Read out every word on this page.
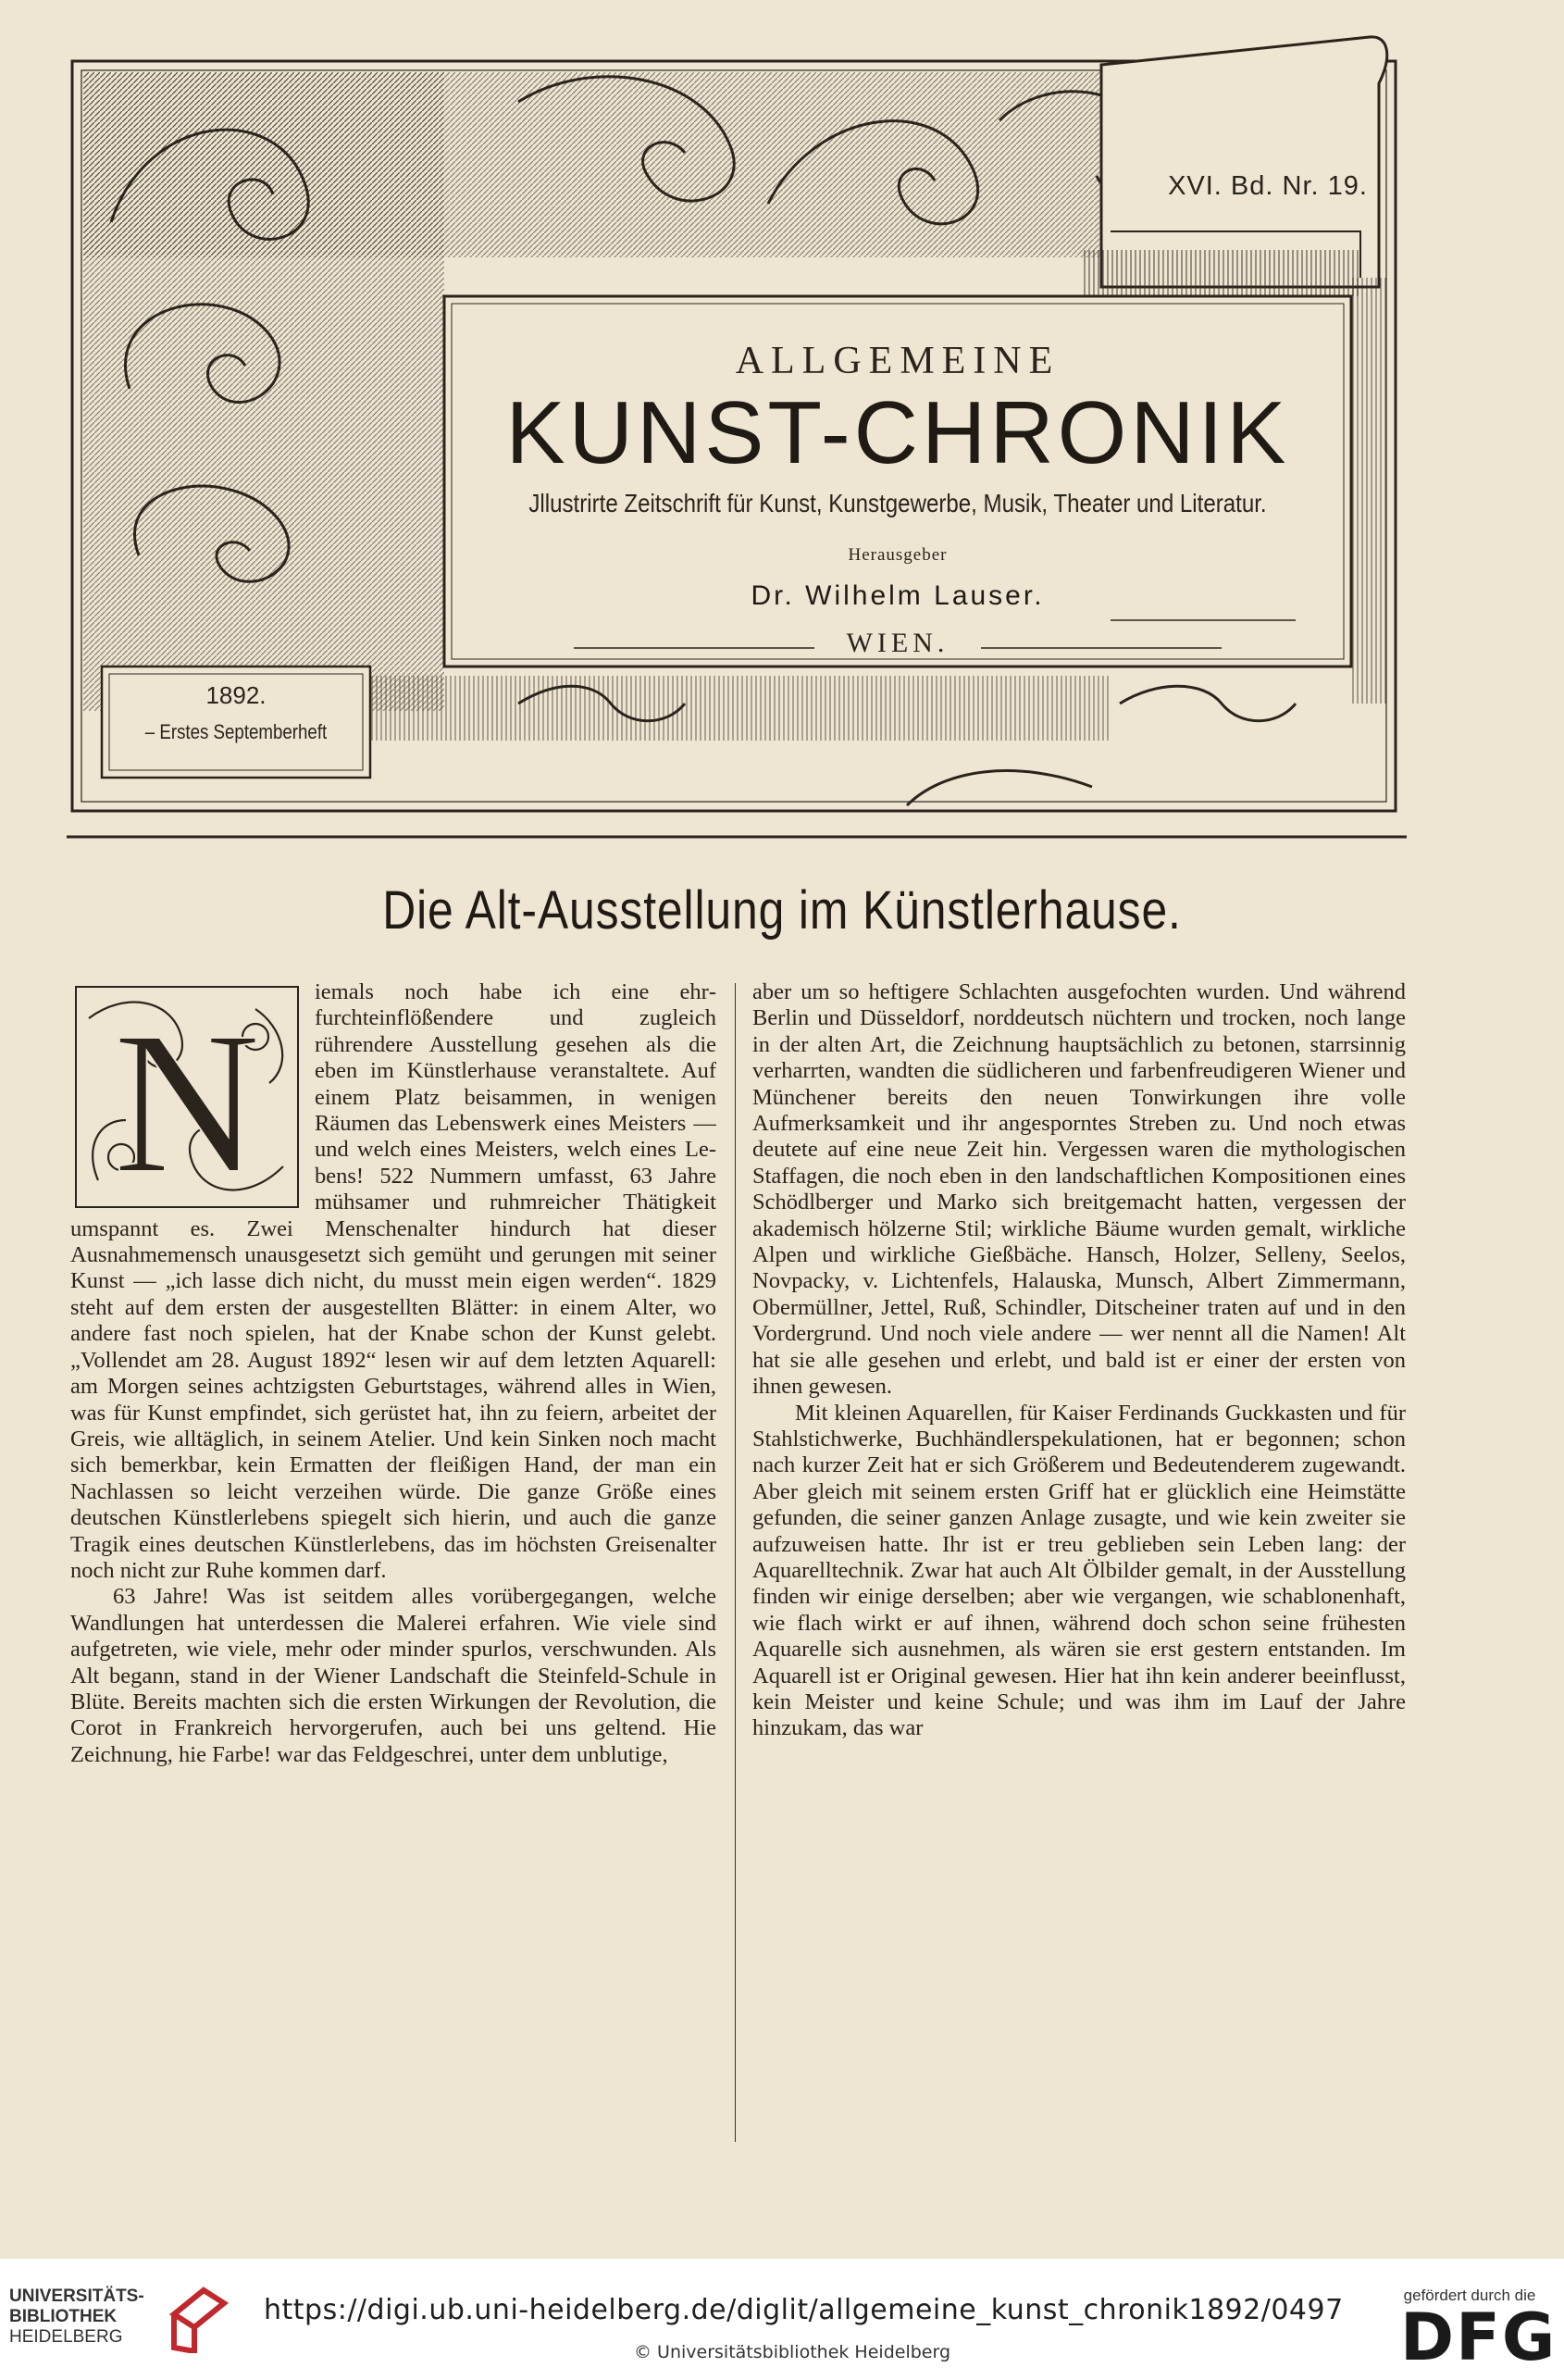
XVI. Bd. Nr. 19.
ALLGEMEINE
KUNST-CHRONIK
Jllustrirte Zeitschrift für Kunst, Kunstgewerbe, Musik, Theater und Literatur.
Herausgeber
Dr. Wilhelm Lauser.
WIEN.
1892.
– Erstes Septemberheft
Die Alt-Ausstellung im Künstlerhause.
N	iemals noch habe ich eine ehrfurchteinflößendere und zugleich rührendere Ausstellung gesehen als die eben im Künstlerhause veranstaltete. Auf einem Platz beisammen, in wenigen Räumen das Lebenswerk eines Meisters — und welch eines Meisters, welch eines Lebens! 522 Nummern umfasst, 63 Jahre mühsamer und ruhmreicher Thätigkeit umspannt es. Zwei Menschenalter hindurch hat dieser Ausnahmemensch unausgesetzt sich gemüht und gerungen mit seiner Kunst — „ich lasse dich nicht, du musst mein eigen werden“. 1829 steht auf dem ersten der ausgestellten Blätter: in einem Alter, wo andere fast noch spielen, hat der Knabe schon der Kunst gelebt. „Vollendet am 28. August 1892“ lesen wir auf dem letzten Aquarell: am Morgen seines achtzigsten Geburtstages, während alles in Wien, was für Kunst empfindet, sich gerüstet hat, ihn zu feiern, arbeitet der Greis, wie alltäglich, in seinem Atelier. Und kein Sinken noch macht sich bemerkbar, kein Ermatten der fleißigen Hand, der man ein Nachlassen so leicht verzeihen würde. Die ganze Größe eines deutschen Künstlerlebens spiegelt sich hierin, und auch die ganze Tragik eines deutschen Künstlerlebens, das im höchsten Greisenalter noch nicht zur Ruhe kommen darf.

63 Jahre! Was ist seitdem alles vorübergegangen, welche Wandlungen hat unterdessen die Malerei erfahren. Wie viele sind aufgetreten, wie viele, mehr oder minder spurlos, verschwunden. Als Alt begann, stand in der Wiener Landschaft die Steinfeld-Schule in Blüte. Bereits machten sich die ersten Wirkungen der Revolution, die Corot in Frankreich hervorgerufen, auch bei uns geltend. Hie Zeichnung, hie Farbe! war das Feldgeschrei, unter dem unblutige,

aber um so heftigere Schlachten ausgefochten wurden. Und während Berlin und Düsseldorf, norddeutsch nüchtern und trocken, noch lange in der alten Art, die Zeichnung hauptsächlich zu betonen, starrsinnig verharrten, wandten die südlicheren und farbenfreudigeren Wiener und Münchener bereits den neuen Tonwirkungen ihre volle Aufmerksamkeit und ihr angesporntes Streben zu. Und noch etwas deutete auf eine neue Zeit hin. Vergessen waren die mythologischen Staffagen, die noch eben in den landschaftlichen Kompositionen eines Schödlberger und Marko sich breitgemacht hatten, vergessen der akademisch hölzerne Stil; wirkliche Bäume wurden gemalt, wirkliche Alpen und wirkliche Gießbäche. Hansch, Holzer, Selleny, Seelos, Novpacky, v. Lichtenfels, Halauska, Munsch, Albert Zimmermann, Obermüllner, Jettel, Ruß, Schindler, Ditscheiner traten auf und in den Vordergrund. Und noch viele andere — wer nennt all die Namen! Alt hat sie alle gesehen und erlebt, und bald ist er einer der ersten von ihnen gewesen.

Mit kleinen Aquarellen, für Kaiser Ferdinands Guckkasten und für Stahlstichwerke, Buchhändlerspekulationen, hat er begonnen; schon nach kurzer Zeit hat er sich Größerem und Bedeutenderem zugewandt. Aber gleich mit seinem ersten Griff hat er glücklich eine Heimstätte gefunden, die seiner ganzen Anlage zusagte, und wie kein zweiter sie aufzuweisen hatte. Ihr ist er treu geblieben sein Leben lang: der Aquarelltechnik. Zwar hat auch Alt Ölbilder gemalt, in der Ausstellung finden wir einige derselben; aber wie vergangen, wie schablonenhaft, wie flach wirkt er auf ihnen, während doch schon seine frühesten Aquarelle sich ausnehmen, als wären sie erst gestern entstanden. Im Aquarell ist er Original gewesen. Hier hat ihn kein anderer beeinflusst, kein Meister und keine Schule; und was ihm im Lauf der Jahre hinzukam, das war

UNIVERSITÄTS-
BIBLIOTHEK
HEIDELBERG
https://digi.ub.uni-heidelberg.de/diglit/allgemeine_kunst_chronik1892/0497
© Universitätsbibliothek Heidelberg
gefördert durch die
DFG
